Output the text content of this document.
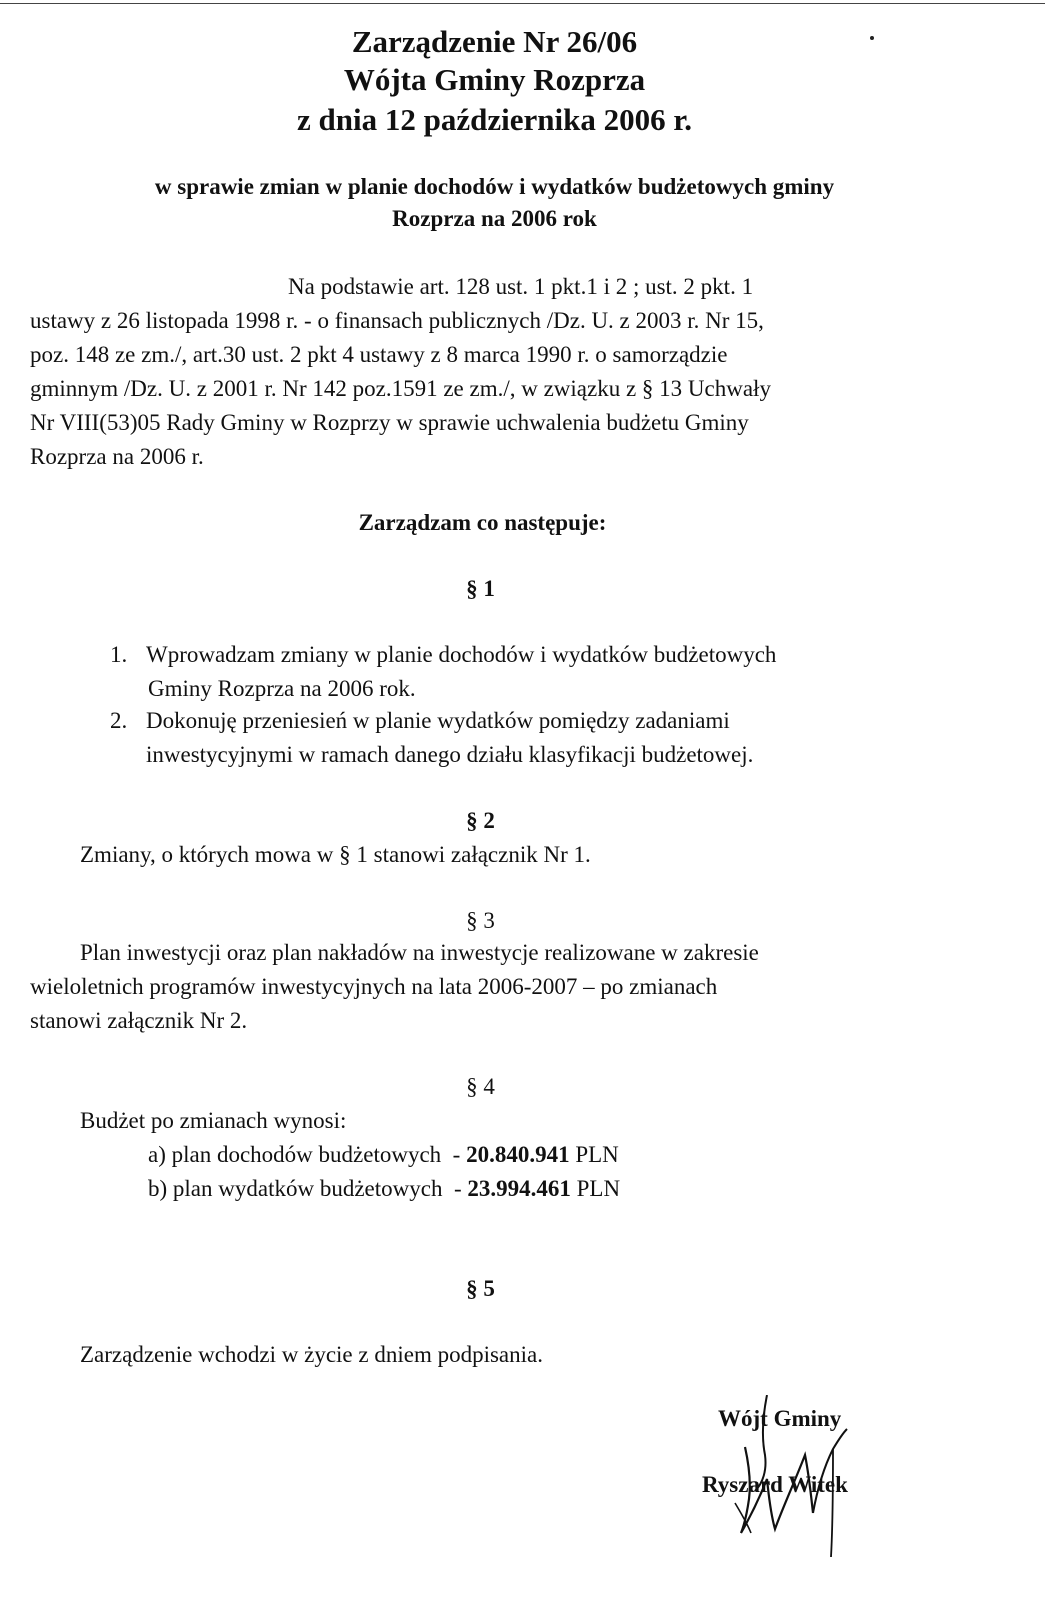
Zarządzenie Nr 26/06
Wójta Gminy Rozprza
z dnia 12 października 2006 r.
w sprawie zmian w planie dochodów i wydatków budżetowych gminy
Rozprza na 2006 rok
Na podstawie art. 128 ust. 1 pkt.1 i 2 ; ust. 2 pkt. 1
ustawy z 26 listopada 1998 r. - o finansach publicznych /Dz. U. z 2003 r. Nr 15,
poz. 148 ze zm./, art.30 ust. 2 pkt 4 ustawy z 8 marca 1990 r. o samorządzie
gminnym /Dz. U. z 2001 r. Nr 142 poz.1591 ze zm./, w związku z § 13 Uchwały
Nr VIII(53)05 Rady Gminy w Rozprzy w sprawie uchwalenia budżetu Gminy
Rozprza na 2006 r.
Zarządzam co następuje:
§ 1
1. Wprowadzam zmiany w planie dochodów i wydatków budżetowych
Gminy Rozprza na 2006 rok.
2. Dokonuję przeniesień w planie wydatków pomiędzy zadaniami
inwestycyjnymi w ramach danego działu klasyfikacji budżetowej.
§ 2
Zmiany, o których mowa w § 1 stanowi załącznik Nr 1.
§ 3
Plan inwestycji oraz plan nakładów na inwestycje realizowane w zakresie
wieloletnich programów inwestycyjnych na lata 2006-2007 – po zmianach
stanowi załącznik Nr 2.
§ 4
Budżet po zmianach wynosi:
a) plan dochodów budżetowych  - 20.840.941 PLN
b) plan wydatków budżetowych  - 23.994.461 PLN
§ 5
Zarządzenie wchodzi w życie z dniem podpisania.
Wójt Gminy
Ryszard Witek
